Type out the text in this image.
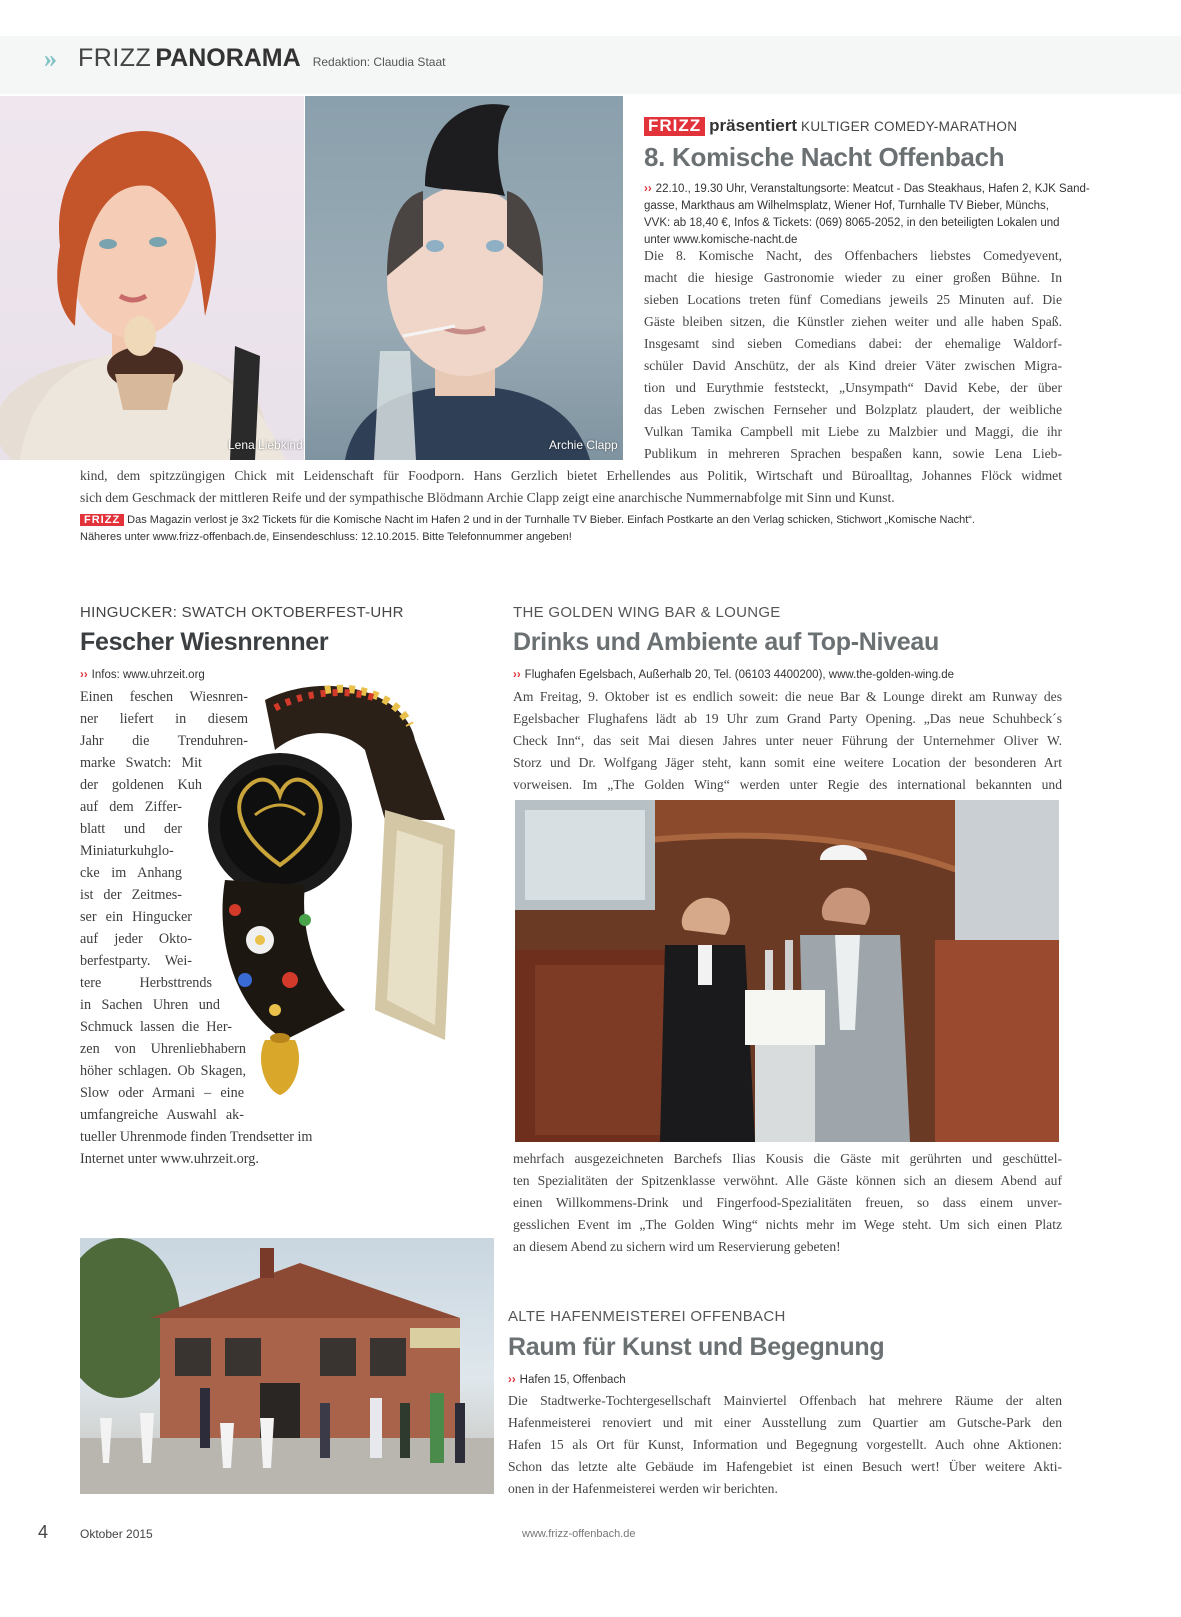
» FRIZZ PANORAMA Redaktion: Claudia Staat
Lena Liebkind	Archie Clapp
FRIZZ präsentiert KULTIGER COMEDY-MARATHON
8. Komische Nacht Offenbach
›› 22.10., 19.30 Uhr, Veranstaltungsorte: Meatcut - Das Steakhaus, Hafen 2, KJK Sand-
gasse, Markthaus am Wilhelmsplatz, Wiener Hof, Turnhalle TV Bieber, Münchs,
VVK: ab 18,40 €, Infos & Tickets: (069) 8065-2052, in den beteiligten Lokalen und
unter www.komische-nacht.de
Die 8. Komische Nacht, des Offenbachers liebstes Comedyevent,
macht die hiesige Gastronomie wieder zu einer großen Bühne. In
sieben Locations treten fünf Comedians jeweils 25 Minuten auf. Die
Gäste bleiben sitzen, die Künstler ziehen weiter und alle haben Spaß.
Insgesamt sind sieben Comedians dabei: der ehemalige Waldorf-
schüler David Anschütz, der als Kind dreier Väter zwischen Migra-
tion und Eurythmie feststeckt, „Unsympath“ David Kebe, der über
das Leben zwischen Fernseher und Bolzplatz plaudert, der weibliche
Vulkan Tamika Campbell mit Liebe zu Malzbier und Maggi, die ihr
Publikum in mehreren Sprachen bespaßen kann, sowie Lena Lieb-
kind, dem spitzzüngigen Chick mit Leidenschaft für Foodporn. Hans Gerzlich bietet Erhellendes aus Politik, Wirtschaft und Büroalltag, Johannes Flöck widmet
sich dem Geschmack der mittleren Reife und der sympathische Blödmann Archie Clapp zeigt eine anarchische Nummernabfolge mit Sinn und Kunst.
FRIZZ Das Magazin verlost je 3x2 Tickets für die Komische Nacht im Hafen 2 und in der Turnhalle TV Bieber. Einfach Postkarte an den Verlag schicken, Stichwort „Komische Nacht“.
Näheres unter www.frizz-offenbach.de, Einsendeschluss: 12.10.2015. Bitte Telefonnummer angeben!
HINGUCKER: SWATCH OKTOBERFEST-UHR
Fescher Wiesnrenner
›› Infos: www.uhrzeit.org
Einen feschen Wiesnren-
ner liefert in diesem
Jahr die Trenduhren-
marke Swatch: Mit
der goldenen Kuh
auf dem Ziffer-
blatt und der
Miniaturkuhglo-
cke im Anhang
ist der Zeitmes-
ser ein Hingucker
auf jeder Okto-
berfestparty. Wei-
tere Herbsttrends
in Sachen Uhren und
Schmuck lassen die Her-
zen von Uhrenliebhabern
höher schlagen. Ob Skagen,
Slow oder Armani – eine
umfangreiche Auswahl ak-
tueller Uhrenmode finden Trendsetter im
Internet unter www.uhrzeit.org.
THE GOLDEN WING BAR & LOUNGE
Drinks und Ambiente auf Top-Niveau
›› Flughafen Egelsbach, Außerhalb 20, Tel. (06103 4400200), www.the-golden-wing.de
Am Freitag, 9. Oktober ist es endlich soweit: die neue Bar & Lounge direkt am Runway des
Egelsbacher Flughafens lädt ab 19 Uhr zum Grand Party Opening. „Das neue Schuhbeck´s
Check Inn“, das seit Mai diesen Jahres unter neuer Führung der Unternehmer Oliver W.
Storz und Dr. Wolfgang Jäger steht, kann somit eine weitere Location der besonderen Art
vorweisen. Im „The Golden Wing“ werden unter Regie des international bekannten und
mehrfach ausgezeichneten Barchefs Ilias Kousis die Gäste mit gerührten und geschüttel-
ten Spezialitäten der Spitzenklasse verwöhnt. Alle Gäste können sich an diesem Abend auf
einen Willkommens-Drink und Fingerfood-Spezialitäten freuen, so dass einem unver-
gesslichen Event im „The Golden Wing“ nichts mehr im Wege steht. Um sich einen Platz
an diesem Abend zu sichern wird um Reservierung gebeten!
ALTE HAFENMEISTEREI OFFENBACH
Raum für Kunst und Begegnung
›› Hafen 15, Offenbach
Die Stadtwerke-Tochtergesellschaft Mainviertel Offenbach hat mehrere Räume der alten
Hafenmeisterei renoviert und mit einer Ausstellung zum Quartier am Gutsche-Park den
Hafen 15 als Ort für Kunst, Information und Begegnung vorgestellt. Auch ohne Aktionen:
Schon das letzte alte Gebäude im Hafengebiet ist einen Besuch wert! Über weitere Akti-
onen in der Hafenmeisterei werden wir berichten.
4	Oktober 2015	www.frizz-offenbach.de
